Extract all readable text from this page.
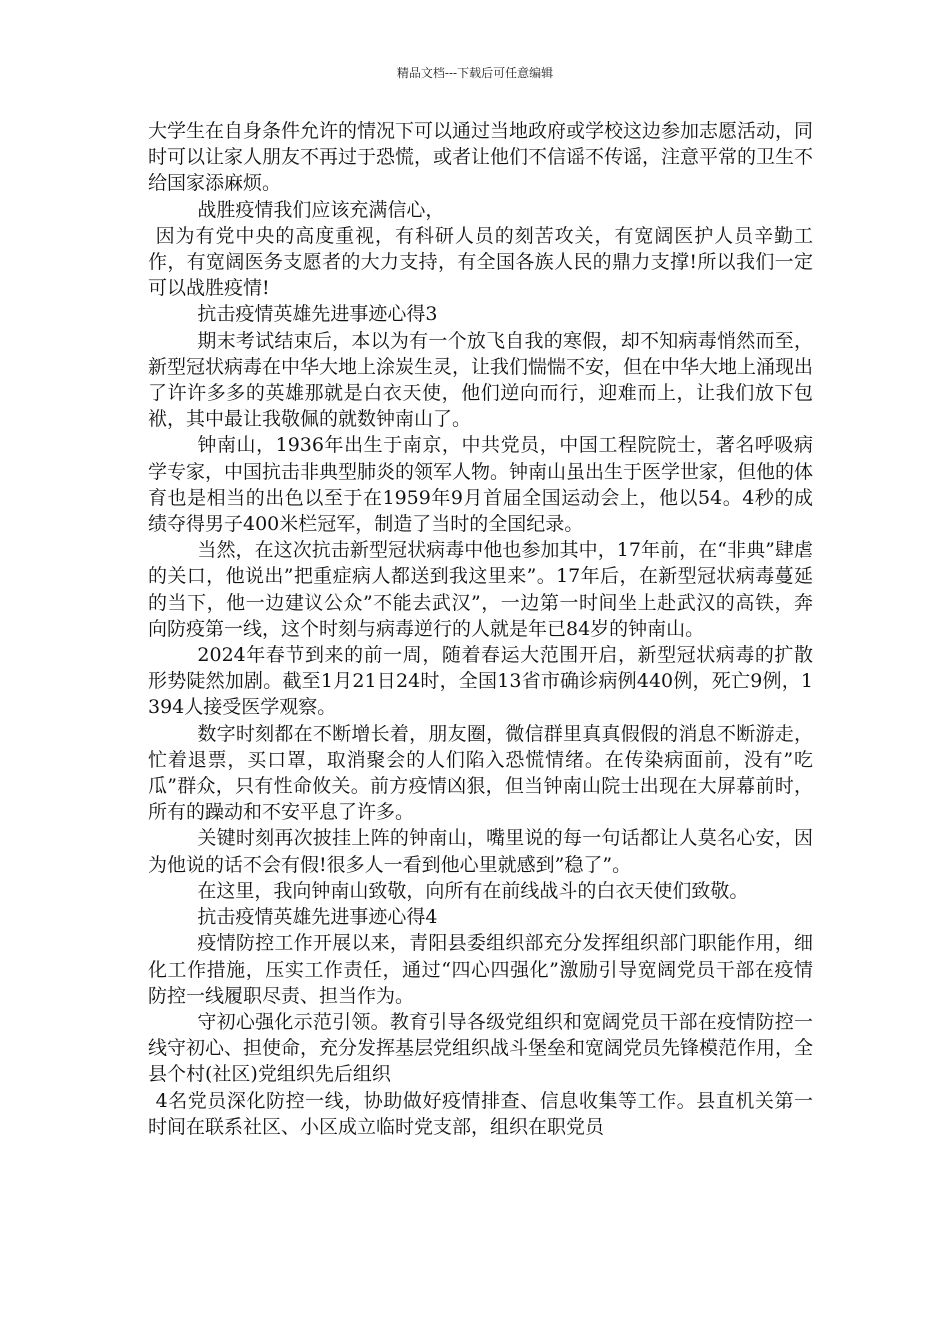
精品文档---下载后可任意编辑

大学生在自身条件允许的情况下可以通过当地政府或学校这边参加志愿活动，同时可以让家人朋友不再过于恐慌，或者让他们不信谣不传谣，注意平常的卫生不给国家添麻烦。

战胜疫情我们应该充满信心，

因为有党中央的高度重视，有科研人员的刻苦攻关，有宽阔医护人员辛勤工作，有宽阔医务支愿者的大力支持，有全国各族人民的鼎力支撑!所以我们一定可以战胜疫情!

抗击疫情英雄先进事迹心得3

期末考试结束后，本以为有一个放飞自我的寒假，却不知病毒悄然而至，新型冠状病毒在中华大地上涂炭生灵，让我们惴惴不安，但在中华大地上涌现出了许许多多的英雄那就是白衣天使，他们逆向而行，迎难而上，让我们放下包袱，其中最让我敬佩的就数钟南山了。

钟南山，1936年出生于南京，中共党员，中国工程院院士，著名呼吸病学专家，中国抗击非典型肺炎的领军人物。钟南山虽出生于医学世家，但他的体育也是相当的出色以至于在1959年9月首届全国运动会上，他以54。4秒的成绩夺得男子400米栏冠军，制造了当时的全国纪录。

当然，在这次抗击新型冠状病毒中他也参加其中，17年前，在“非典”肆虐的关口，他说出”把重症病人都送到我这里来”。17年后，在新型冠状病毒蔓延的当下，他一边建议公众”不能去武汉”，一边第一时间坐上赴武汉的高铁，奔向防疫第一线，这个时刻与病毒逆行的人就是年已84岁的钟南山。

2024年春节到来的前一周，随着春运大范围开启，新型冠状病毒的扩散形势陡然加剧。截至1月21日24时，全国13省市确诊病例440例，死亡9例，1394人接受医学观察。

数字时刻都在不断增长着，朋友圈，微信群里真真假假的消息不断游走，忙着退票，买口罩，取消聚会的人们陷入恐慌情绪。在传染病面前，没有”吃瓜”群众，只有性命攸关。前方疫情凶狠，但当钟南山院士出现在大屏幕前时，所有的躁动和不安平息了许多。

关键时刻再次披挂上阵的钟南山，嘴里说的每一句话都让人莫名心安，因为他说的话不会有假!很多人一看到他心里就感到”稳了”。

在这里，我向钟南山致敬，向所有在前线战斗的白衣天使们致敬。

抗击疫情英雄先进事迹心得4

疫情防控工作开展以来，青阳县委组织部充分发挥组织部门职能作用，细化工作措施，压实工作责任，通过“四心四强化”激励引导宽阔党员干部在疫情防控一线履职尽责、担当作为。

守初心强化示范引领。教育引导各级党组织和宽阔党员干部在疫情防控一线守初心、担使命，充分发挥基层党组织战斗堡垒和宽阔党员先锋模范作用，全县个村(社区)党组织先后组织

4名党员深化防控一线，协助做好疫情排查、信息收集等工作。县直机关第一时间在联系社区、小区成立临时党支部，组织在职党员
